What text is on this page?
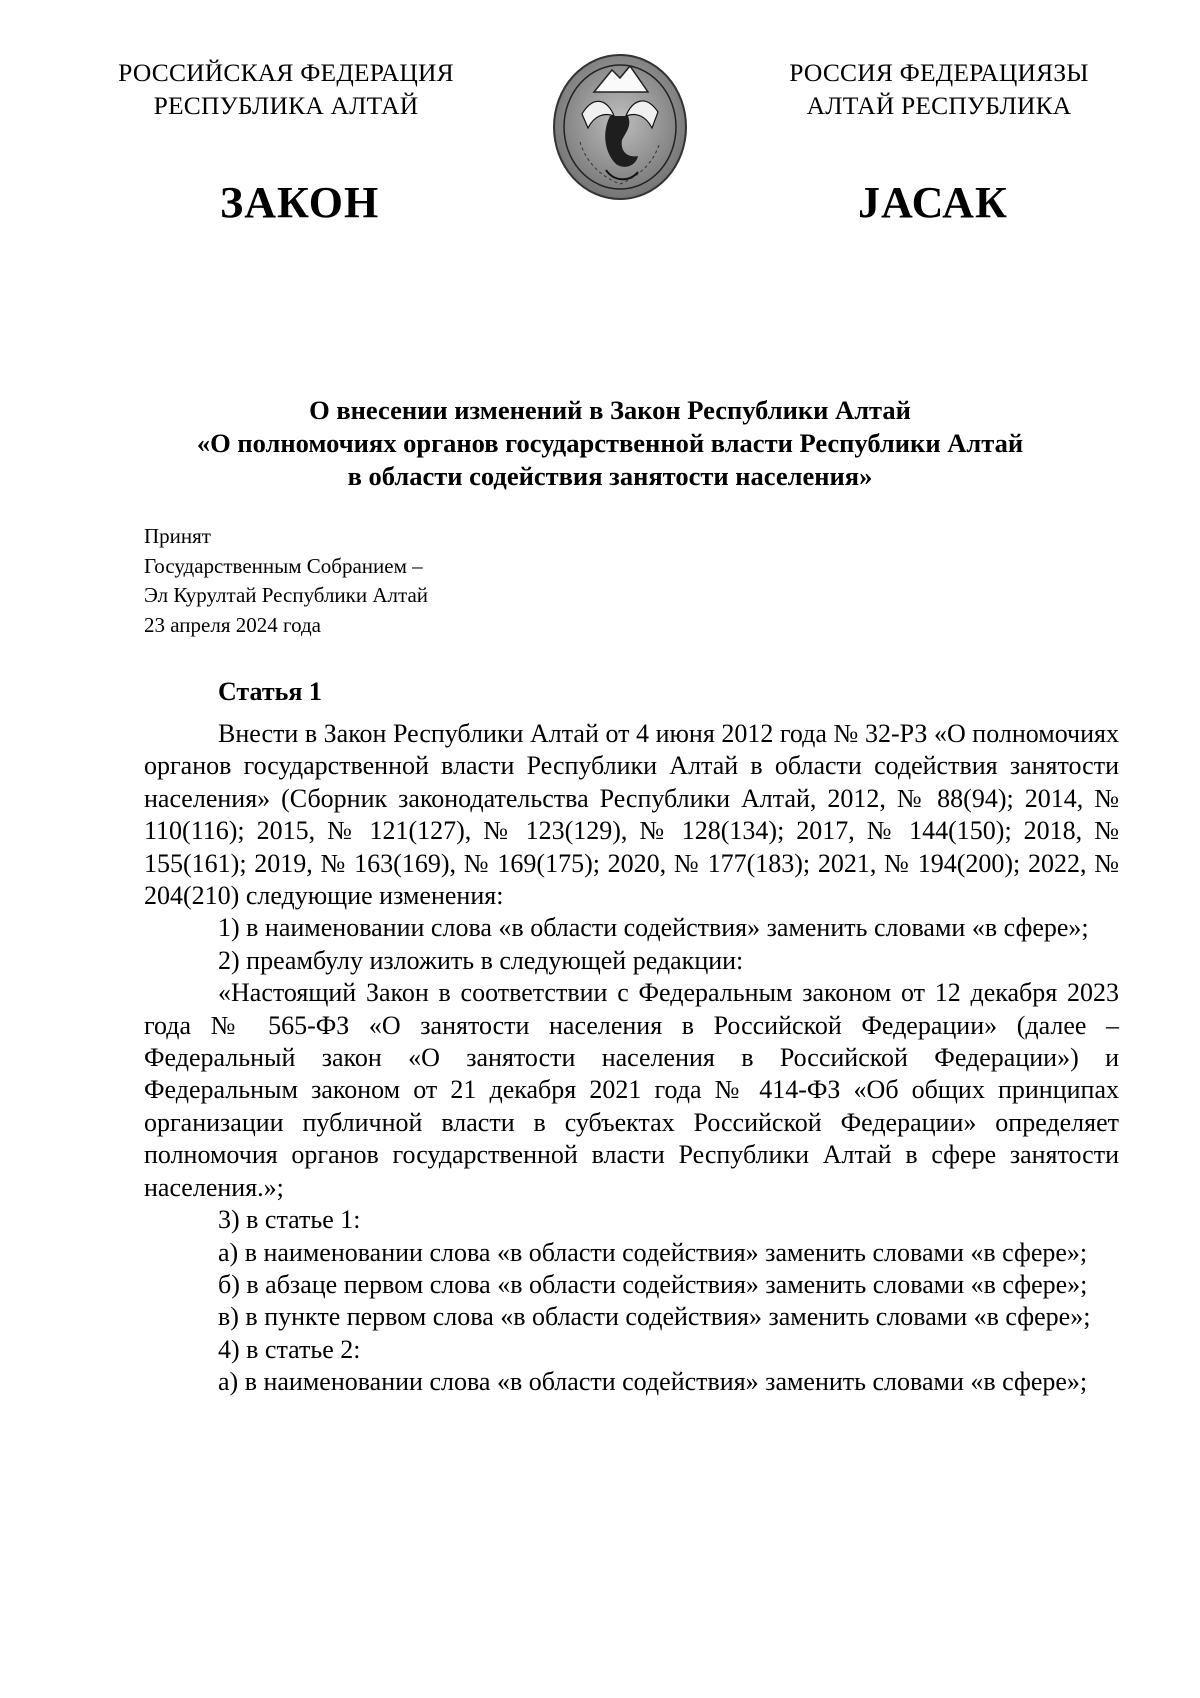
РОССИЙСКАЯ ФЕДЕРАЦИЯ
РЕСПУБЛИКА АЛТАЙ
РОССИЯ ФЕДЕРАЦИЯЗЫ
АЛТАЙ РЕСПУБЛИКА
ЗАКОН	JАСАК
О внесении изменений в Закон Республики Алтай
«О полномочиях органов государственной власти Республики Алтай
в области содействия занятости населения»
Принят
Государственным Собранием –
Эл Курултай Республики Алтай
23 апреля 2024 года
Статья 1

Внести в Закон Республики Алтай от 4 июня 2012 года № 32-РЗ «О полномочиях органов государственной власти Республики Алтай в области содействия занятости населения» (Сборник законодательства Республики Алтай, 2012, № 88(94); 2014, № 110(116); 2015, № 121(127), № 123(129), № 128(134); 2017, № 144(150); 2018, № 155(161); 2019, № 163(169), № 169(175); 2020, № 177(183); 2021, № 194(200); 2022, № 204(210) следующие изменения:

1) в наименовании слова «в области содействия» заменить словами «в сфере»;

2) преамбулу изложить в следующей редакции:

«Настоящий Закон в соответствии с Федеральным законом от 12 декабря 2023 года № 565-ФЗ «О занятости населения в Российской Федерации» (далее – Федеральный закон «О занятости населения в Российской Федерации») и Федеральным законом от 21 декабря 2021 года № 414-ФЗ «Об общих принципах организации публичной власти в субъектах Российской Федерации» определяет полномочия органов государственной власти Республики Алтай в сфере занятости населения.»;

3) в статье 1:

а) в наименовании слова «в области содействия» заменить словами «в сфере»;

б) в абзаце первом слова «в области содействия» заменить словами «в сфере»;

в) в пункте первом слова «в области содействия» заменить словами «в сфере»;

4) в статье 2:

а) в наименовании слова «в области содействия» заменить словами «в сфере»;
